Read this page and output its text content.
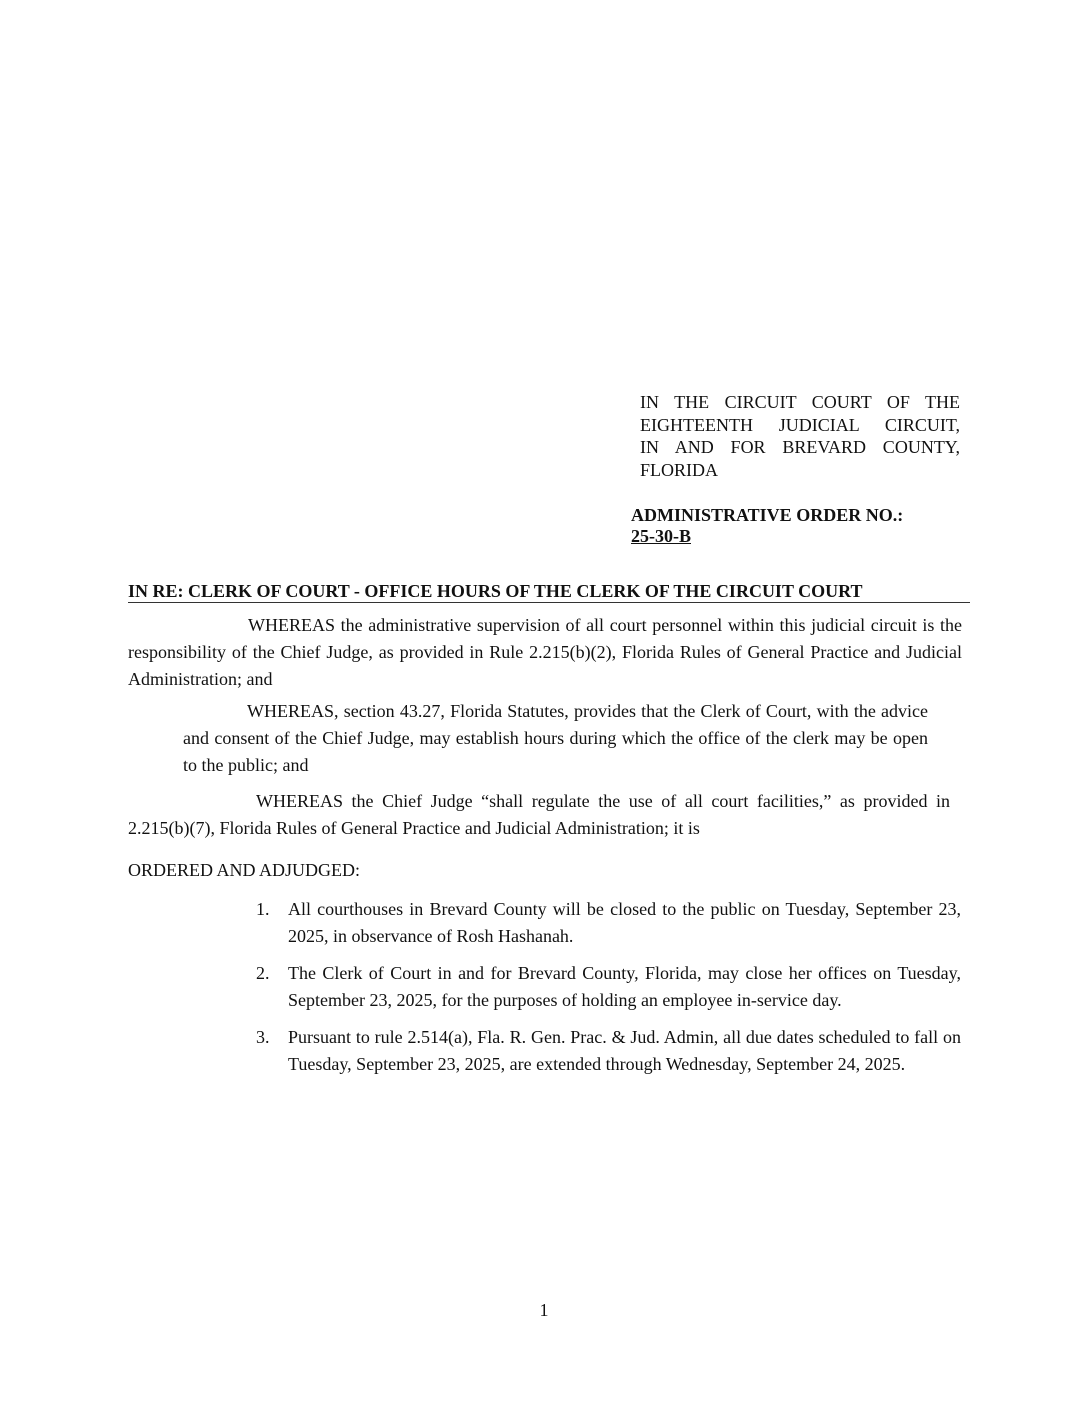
IN THE CIRCUIT COURT OF THE
EIGHTEENTH JUDICIAL CIRCUIT,
IN AND FOR BREVARD COUNTY,
FLORIDA
ADMINISTRATIVE ORDER NO.:
25-30-B
IN RE: CLERK OF COURT - OFFICE HOURS OF THE CLERK OF THE CIRCUIT COURT
WHEREAS the administrative supervision of all court personnel within this judicial circuit is the responsibility of the Chief Judge, as provided in Rule 2.215(b)(2), Florida Rules of General Practice and Judicial Administration; and
WHEREAS, section 43.27, Florida Statutes, provides that the Clerk of Court, with the advice and consent of the Chief Judge, may establish hours during which the office of the clerk may be open to the public; and
WHEREAS the Chief Judge “shall regulate the use of all court facilities,” as provided in 2.215(b)(7), Florida Rules of General Practice and Judicial Administration; it is
ORDERED AND ADJUDGED:
1. All courthouses in Brevard County will be closed to the public on Tuesday, September 23, 2025, in observance of Rosh Hashanah.
2. The Clerk of Court in and for Brevard County, Florida, may close her offices on Tuesday, September 23, 2025, for the purposes of holding an employee in-service day.
3. Pursuant to rule 2.514(a), Fla. R. Gen. Prac. & Jud. Admin, all due dates scheduled to fall on Tuesday, September 23, 2025, are extended through Wednesday, September 24, 2025.
1
